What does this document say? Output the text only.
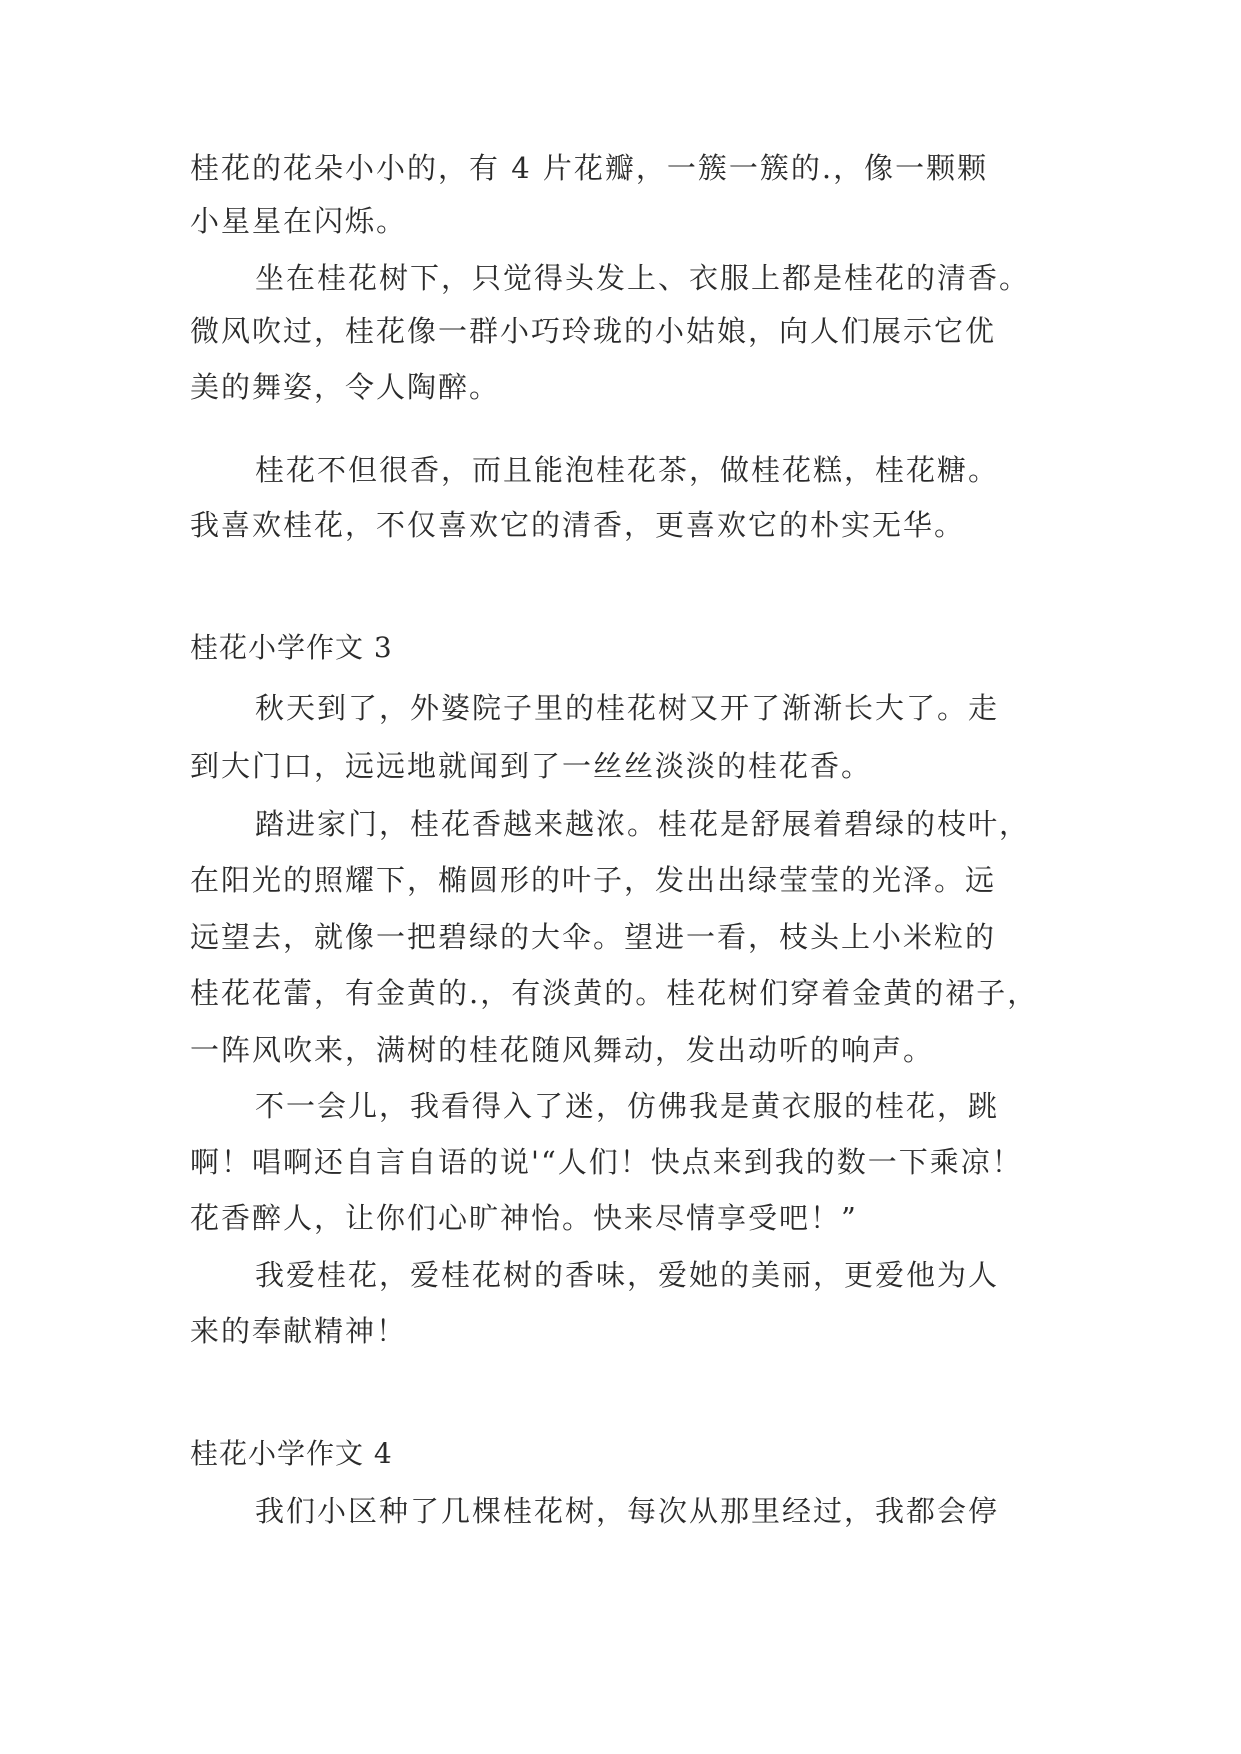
桂花的花朵小小的，有 4 片花瓣，一簇一簇的.，像一颗颗
小星星在闪烁。
坐在桂花树下，只觉得头发上、衣服上都是桂花的清香。
微风吹过，桂花像一群小巧玲珑的小姑娘，向人们展示它优
美的舞姿，令人陶醉。
桂花不但很香，而且能泡桂花茶，做桂花糕，桂花糖。
我喜欢桂花，不仅喜欢它的清香，更喜欢它的朴实无华。
桂花小学作文 3
秋天到了，外婆院子里的桂花树又开了渐渐长大了。走
到大门口，远远地就闻到了一丝丝淡淡的桂花香。
踏进家门，桂花香越来越浓。桂花是舒展着碧绿的枝叶，
在阳光的照耀下，椭圆形的叶子，发出出绿莹莹的光泽。远
远望去，就像一把碧绿的大伞。望进一看，枝头上小米粒的
桂花花蕾，有金黄的.，有淡黄的。桂花树们穿着金黄的裙子，
一阵风吹来，满树的桂花随风舞动，发出动听的响声。
不一会儿，我看得入了迷，仿佛我是黄衣服的桂花，跳
啊！唱啊还自言自语的说'“人们！快点来到我的数一下乘凉！
花香醉人，让你们心旷神怡。快来尽情享受吧！”
我爱桂花，爱桂花树的香味，爱她的美丽，更爱他为人
来的奉献精神！
桂花小学作文 4
我们小区种了几棵桂花树，每次从那里经过，我都会停
